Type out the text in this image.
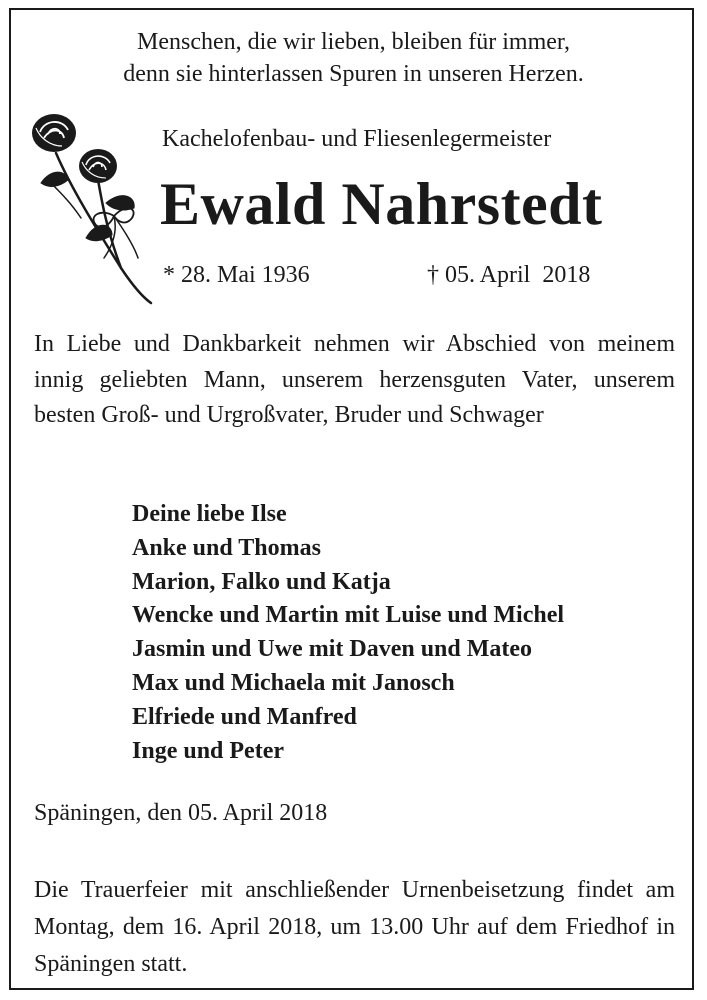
Menschen, die wir lieben, bleiben für immer,
denn sie hinterlassen Spuren in unseren Herzen.
Kachelofenbau- und Fliesenlegermeister
Ewald Nahrstedt
* 28. Mai 1936	† 05. April  2018
In Liebe und Dankbarkeit nehmen wir Abschied von meinem innig geliebten Mann, unserem herzensguten Vater, unserem besten Groß- und Urgroßvater, Bruder und Schwager
Deine liebe Ilse
Anke und Thomas
Marion, Falko und Katja
Wencke und Martin mit Luise und Michel
Jasmin und Uwe mit Daven und Mateo
Max und Michaela mit Janosch
Elfriede und Manfred
Inge und Peter
Späningen, den 05. April 2018
Die Trauerfeier mit anschließender Urnenbeisetzung findet am Montag, dem 16. April 2018, um 13.00 Uhr auf dem Friedhof in Späningen statt.
